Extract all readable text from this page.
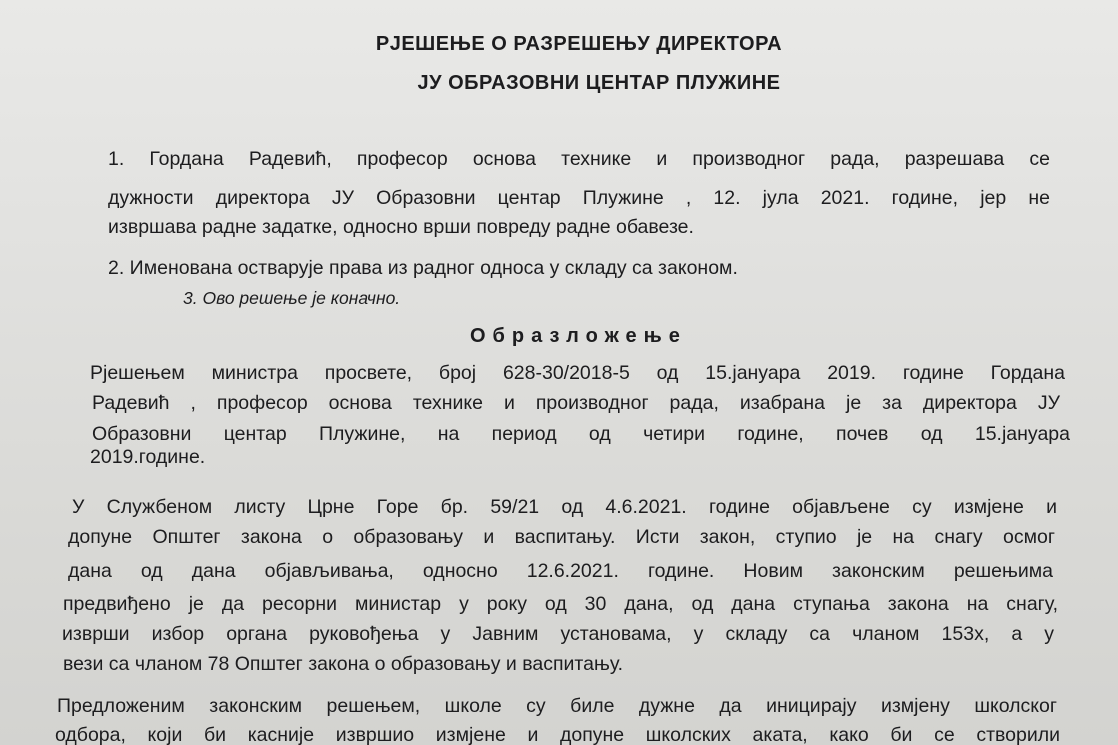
РЈЕШЕЊЕ О РАЗРЕШЕЊУ ДИРЕКТОРА
ЈУ ОБРАЗОВНИ ЦЕНТАР ПЛУЖИНЕ
1. Гордана Радевић, професор основа технике и производног рада, разрешава се
дужности директора ЈУ Образовни центар Плужине , 12. јула 2021. године, јер не
извршава радне задатке, односно врши повреду радне обавезе.
2. Именована остварује права из радног односа у складу са законом.
3. Ово решење је коначно.
Образложење
Рјешењем министра просвете, број 628-30/2018-5 од 15.јануара 2019. године Гордана
Радевић , професор основа технике и производног рада, изабрана је за директора ЈУ
Образовни центар Плужине, на период од четири године, почев од 15.јануара
2019.године.
У Службеном листу Црне Горе бр. 59/21 од 4.6.2021. године објављене су измјене и
допуне Општег закона о образовању и васпитању. Исти закон, ступио је на снагу осмог
дана од дана објављивања, односно 12.6.2021. године. Новим законским решењима
предвиђено је да ресорни министар у року од 30 дана, од дана ступања закона на снагу,
изврши избор органа руковођења у Јавним установама, у складу са чланом 153х, а у
вези са чланом 78 Општег закона о образовању и васпитању.
Предложеним законским решењем, школе су биле дужне да иницирају измјену школског
одбора, који би касније извршио измјене и допуне школских аката, како би се створили
